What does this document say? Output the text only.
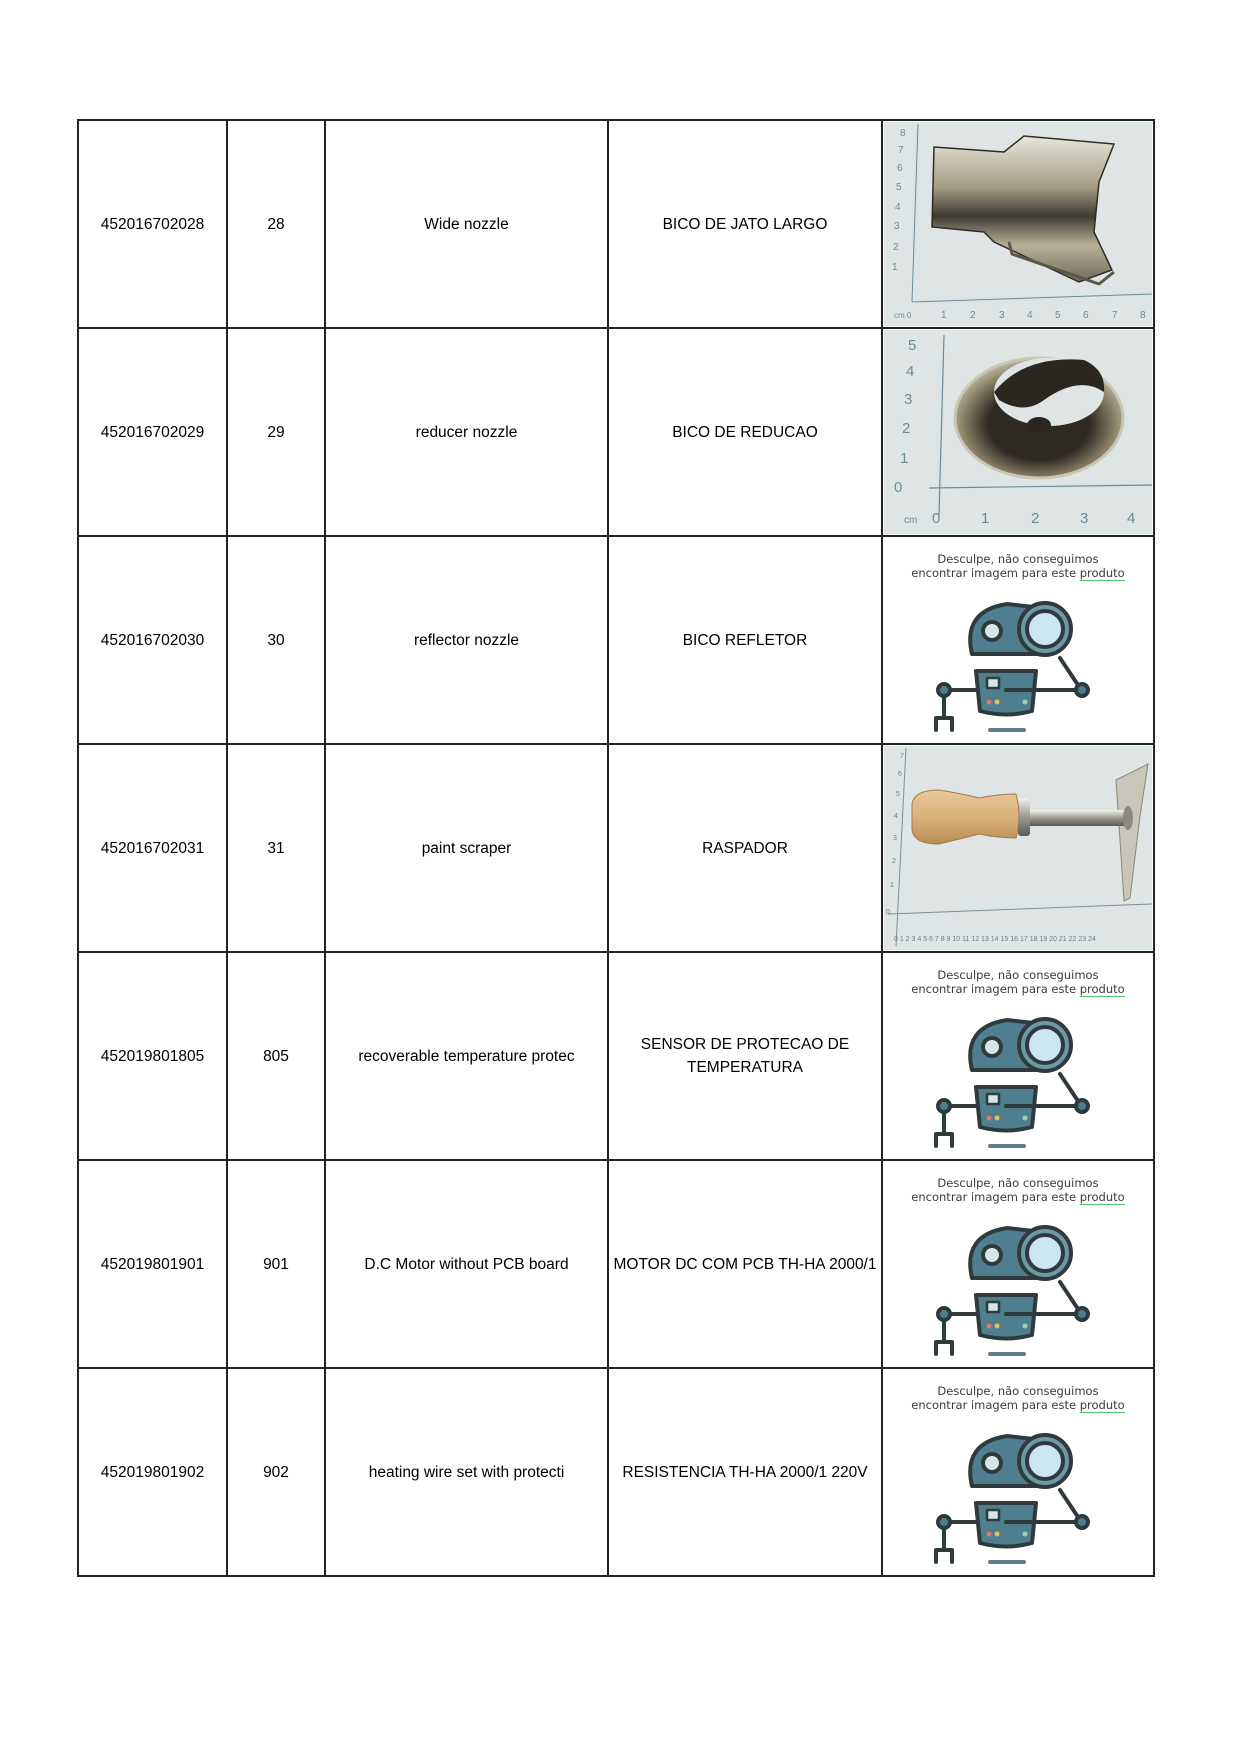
452016702028	28	Wide nozzle	BICO DE JATO LARGO	
8
7
6
5
4
3
2
1
cm 0	1 2 3 4 5 6 7 8

452016702029	29	reducer nozzle	BICO DE REDUCAO	
5
4
3
2
1
0
cm 0	1	2	3	4

452016702030	30	reflector nozzle	BICO REFLETOR	Desculpe, não conseguimos
encontrar imagem para este produto

452016702031	31	paint scraper	RASPADOR	
7
6
5
4
3
2
1
0
0 1 2 3 4 5 6 7 8 9 10 11 12 13 14 15 16 17 18 19 20 21 22 23 24

452019801805	805	recoverable temperature protec	SENSOR DE PROTECAO DE TEMPERATURA	Desculpe, não conseguimos
encontrar imagem para este produto

452019801901	901	D.C Motor without PCB board	MOTOR DC COM PCB TH-HA 2000/1	Desculpe, não conseguimos
encontrar imagem para este produto

452019801902	902	heating wire set with protecti	RESISTENCIA TH-HA 2000/1 220V	Desculpe, não conseguimos
encontrar imagem para este produto
